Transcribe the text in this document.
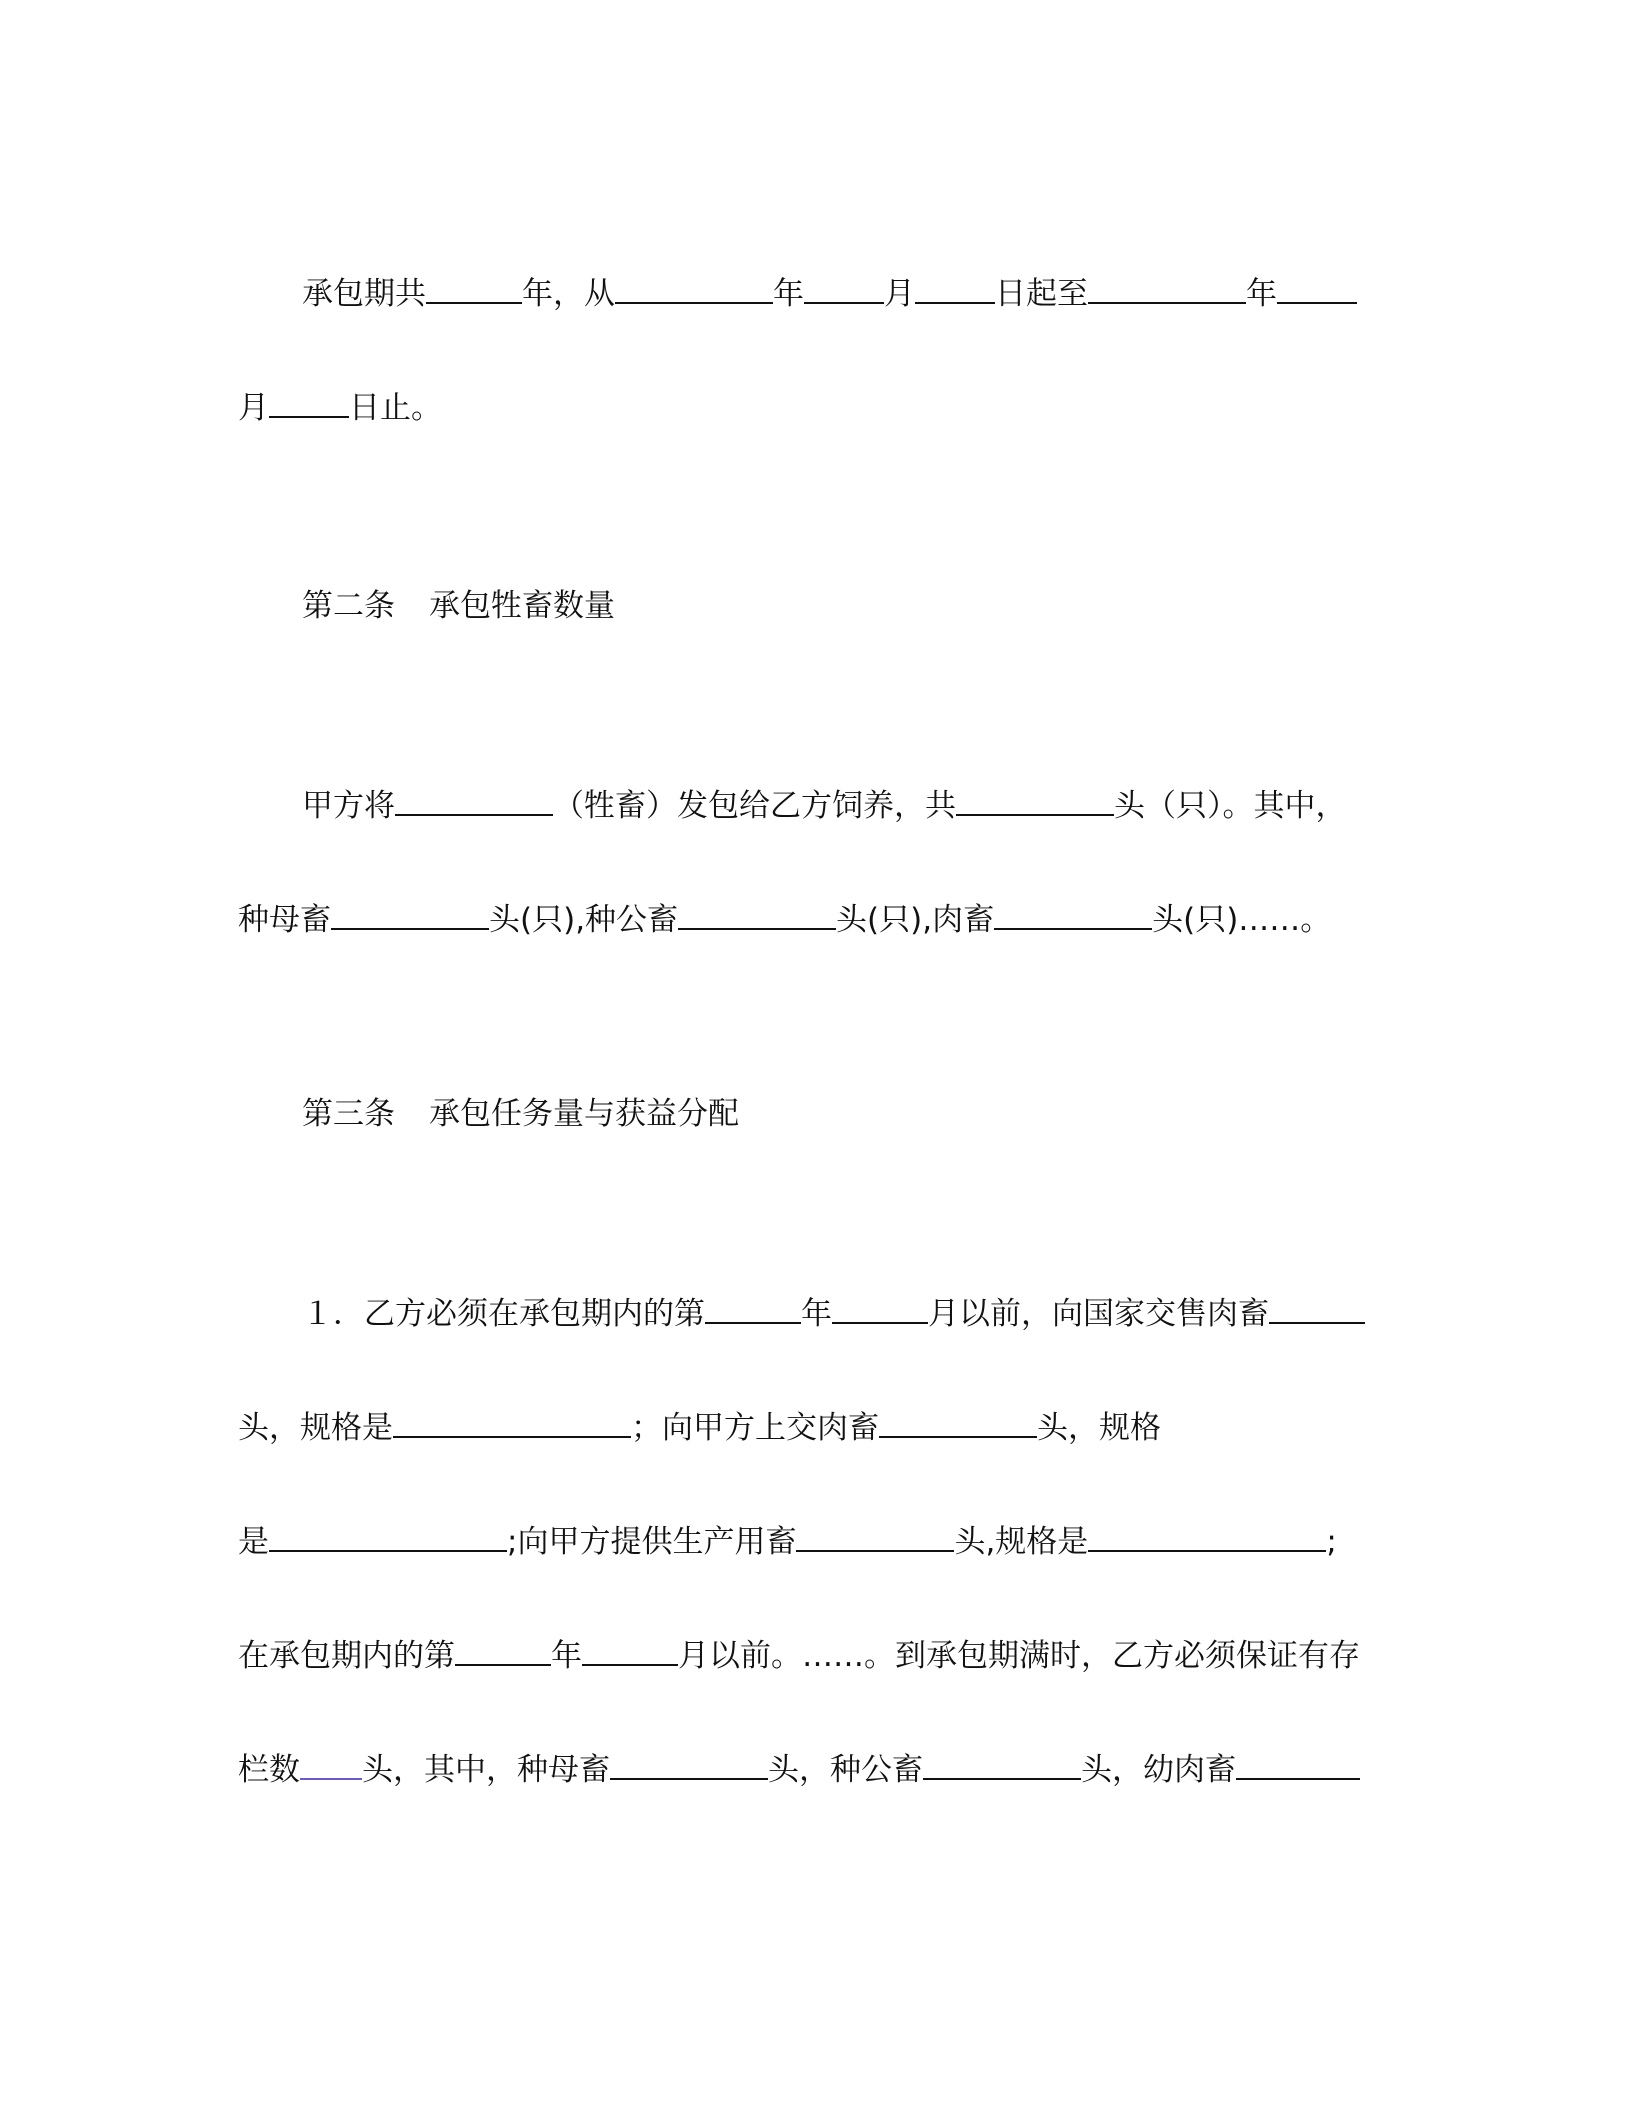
承包期共	年，从	年	月	日起至	年
月	日止。
第二条 承包牲畜数量
甲方将	（牲畜）发包给乙方饲养，共	头（只）。其中，
种母畜	头(只),种公畜	头(只),肉畜	头(只)……。
第三条 承包任务量与获益分配
１．乙方必须在承包期内的第	年	月以前，向国家交售肉畜
头，规格是	；向甲方上交肉畜	头，规格
是	;向甲方提供生产用畜	头,规格是	;
在承包期内的第	年	月以前。……。到承包期满时，乙方必须保证有存
栏数 头，其中，种母畜	头，种公畜	头，幼肉畜
